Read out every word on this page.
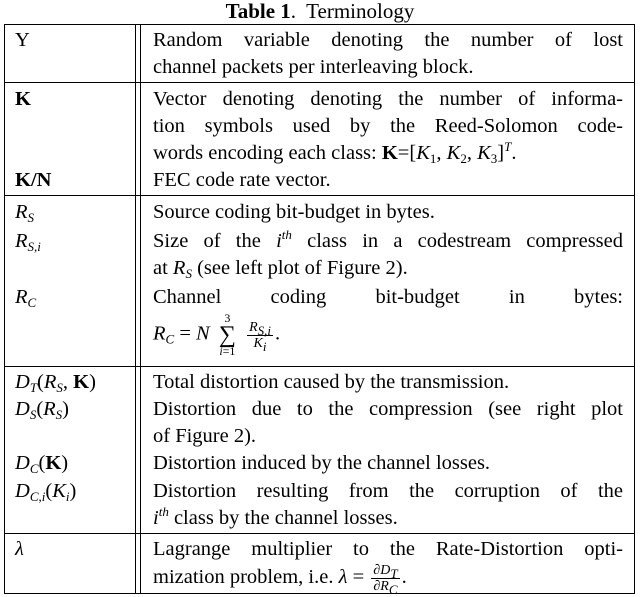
Table 1.  Terminology
Y	Random variable denoting the number of lost
channel packets per interleaving block.
K	Vector denoting denoting the number of informa-
tion symbols used by the Reed-Solomon code-
words encoding each class: $K=[K_1$, $K_2$, $K_3]^T$.
K/N	FEC code rate vector.
$R_S$	Source coding bit-budget in bytes.
$R_{S,i}$	Size of the $i^{th}$ class in a codestream compressed
at $R_S$ (see left plot of Figure 2).
$R_C$	Channel coding bit-budget in bytes:
$R_C = N$
3
∑
i=1

$\frac{R_{S,i}}{K_i}$ .
$D_T(R_S$, K)	Total distortion caused by the transmission.
$D_S(R_S)$	Distortion due to the compression (see right plot
of Figure 2).
$D_C(K)$	Distortion induced by the channel losses.
$D_{C,i}(K_i)$	Distortion resulting from the corruption of the
$i^{th}$ class by the channel losses.
λ	Lagrange multiplier to the Rate-Distortion opti-
mization problem, i.e. $\lambda = \frac{\partial D_T}{\partial R_C}$ .
